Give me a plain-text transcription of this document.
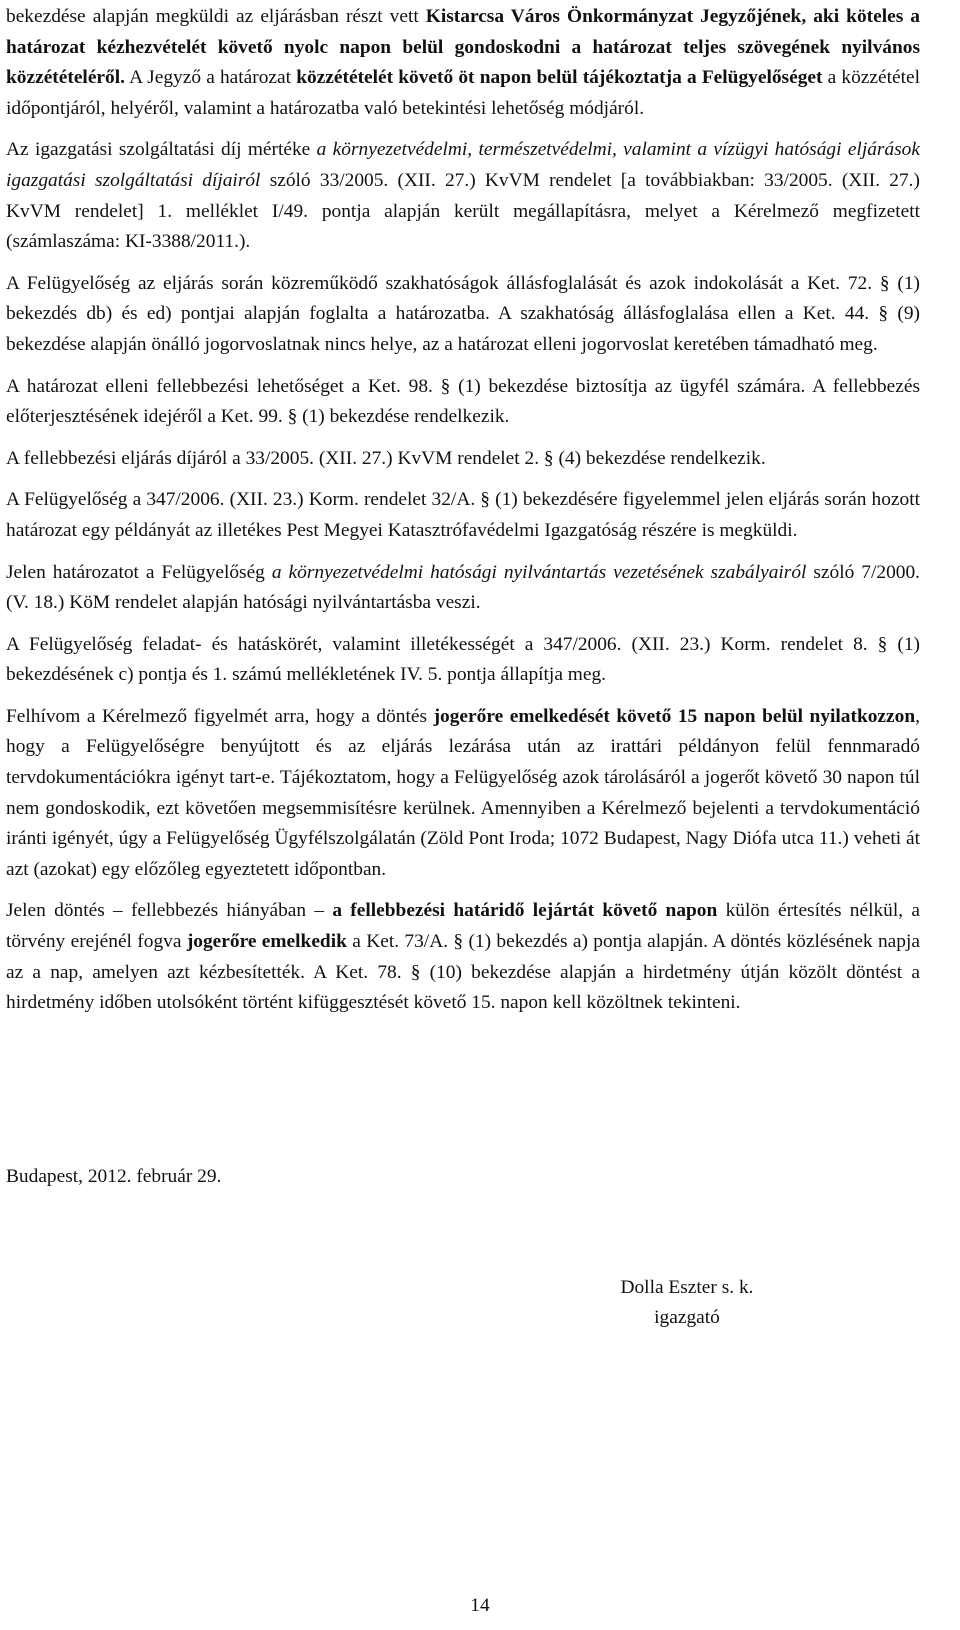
bekezdése alapján megküldi az eljárásban részt vett Kistarcsa Város Önkormányzat Jegyzőjének, aki köteles a határozat kézhezvételét követő nyolc napon belül gondoskodni a határozat teljes szövegének nyilvános közzétételéről. A Jegyző a határozat közzétételét követő öt napon belül tájékoztatja a Felügyelőséget a közzététel időpontjáról, helyéről, valamint a határozatba való betekintési lehetőség módjáról.

Az igazgatási szolgáltatási díj mértéke a környezetvédelmi, természetvédelmi, valamint a vízügyi hatósági eljárások igazgatási szolgáltatási díjairól szóló 33/2005. (XII. 27.) KvVM rendelet [a továbbiakban: 33/2005. (XII. 27.) KvVM rendelet] 1. melléklet I/49. pontja alapján került megállapításra, melyet a Kérelmező megfizetett (számlaszáma: KI-3388/2011.).

A Felügyelőség az eljárás során közreműködő szakhatóságok állásfoglalását és azok indokolását a Ket. 72. § (1) bekezdés db) és ed) pontjai alapján foglalta a határozatba. A szakhatóság állásfoglalása ellen a Ket. 44. § (9) bekezdése alapján önálló jogorvoslatnak nincs helye, az a határozat elleni jogorvoslat keretében támadható meg.

A határozat elleni fellebbezési lehetőséget a Ket. 98. § (1) bekezdése biztosítja az ügyfél számára. A fellebbezés előterjesztésének idejéről a Ket. 99. § (1) bekezdése rendelkezik.

A fellebbezési eljárás díjáról a 33/2005. (XII. 27.) KvVM rendelet 2. § (4) bekezdése rendelkezik.

A Felügyelőség a 347/2006. (XII. 23.) Korm. rendelet 32/A. § (1) bekezdésére figyelemmel jelen eljárás során hozott határozat egy példányát az illetékes Pest Megyei Katasztrófavédelmi Igazgatóság részére is megküldi.

Jelen határozatot a Felügyelőség a környezetvédelmi hatósági nyilvántartás vezetésének szabályairól szóló 7/2000. (V. 18.) KöM rendelet alapján hatósági nyilvántartásba veszi.

A Felügyelőség feladat- és hatáskörét, valamint illetékességét a 347/2006. (XII. 23.) Korm. rendelet 8. § (1) bekezdésének c) pontja és 1. számú mellékletének IV. 5. pontja állapítja meg.

Felhívom a Kérelmező figyelmét arra, hogy a döntés jogerőre emelkedését követő 15 napon belül nyilatkozzon, hogy a Felügyelőségre benyújtott és az eljárás lezárása után az irattári példányon felül fennmaradó tervdokumentációkra igényt tart-e. Tájékoztatom, hogy a Felügyelőség azok tárolásáról a jogerőt követő 30 napon túl nem gondoskodik, ezt követően megsemmisítésre kerülnek. Amennyiben a Kérelmező bejelenti a tervdokumentáció iránti igényét, úgy a Felügyelőség Ügyfélszolgálatán (Zöld Pont Iroda; 1072 Budapest, Nagy Diófa utca 11.) veheti át azt (azokat) egy előzőleg egyeztetett időpontban.

Jelen döntés – fellebbezés hiányában – a fellebbezési határidő lejártát követő napon külön értesítés nélkül, a törvény erejénél fogva jogerőre emelkedik a Ket. 73/A. § (1) bekezdés a) pontja alapján. A döntés közlésének napja az a nap, amelyen azt kézbesítették. A Ket. 78. § (10) bekezdése alapján a hirdetmény útján közölt döntést a hirdetmény időben utolsóként történt kifüggesztését követő 15. napon kell közöltnek tekinteni.

Budapest, 2012. február 29.

Dolla Eszter s. k.
igazgató

14
